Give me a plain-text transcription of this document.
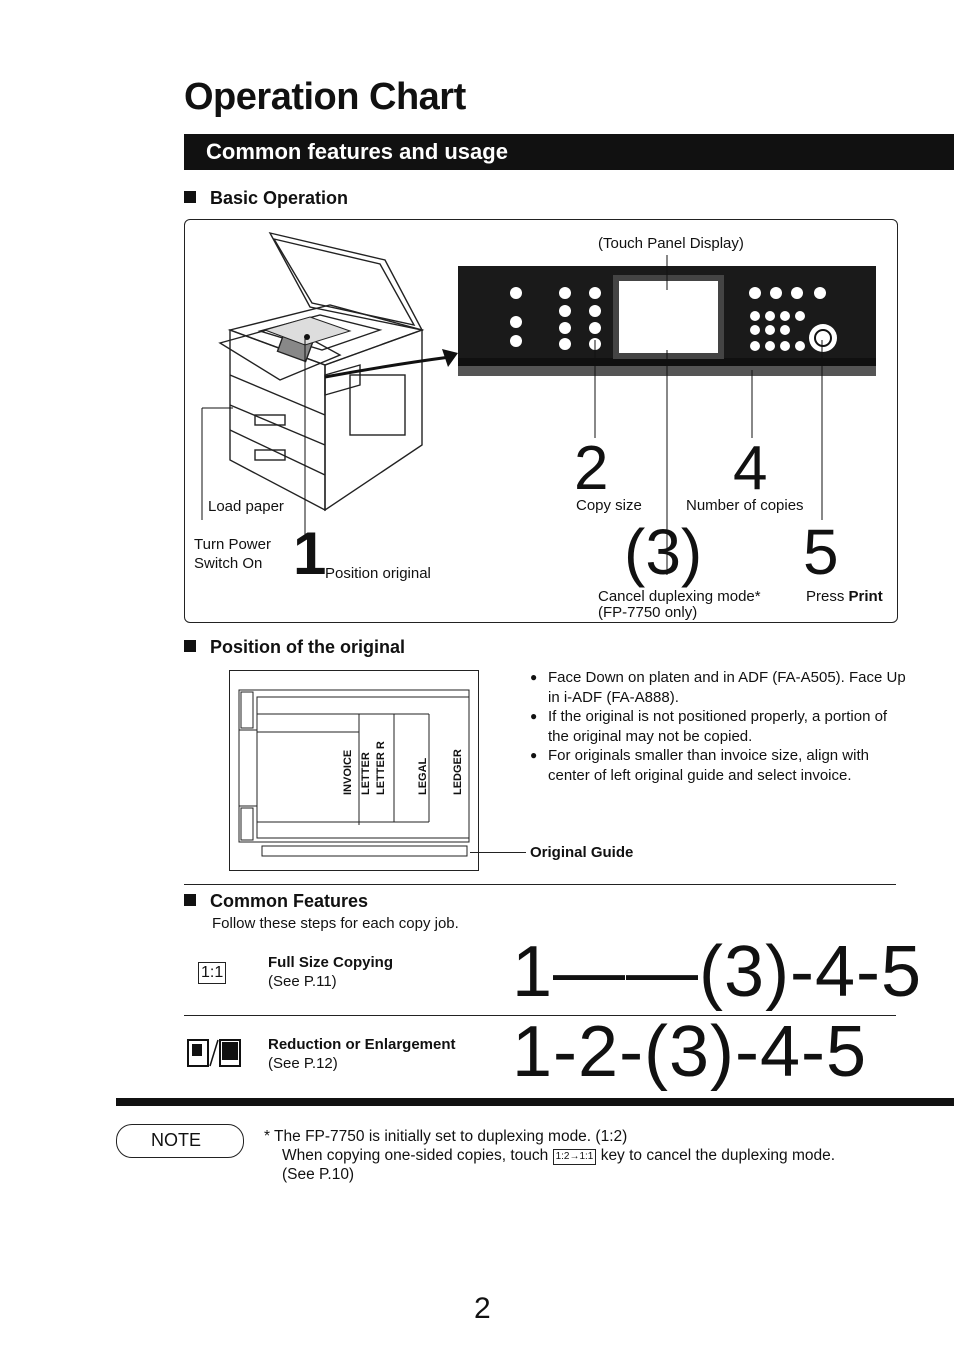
Operation Chart
Common features and usage
Basic Operation
(Touch Panel Display)
Load paper
Turn Power Switch On 1
Position original
2
Copy size
4
Number of copies
(3) 5
Cancel duplexing mode*
(FP-7750 only)
Press Print
Position of the original
INVOICE LETTER LETTER R	LEGAL LEDGER
Original Guide
● Face Down on platen and in ADF (FA-A505). Face Up in i-ADF (FA-A888).
● If the original is not positioned properly, a portion of the original may not be copied.
● For originals smaller than invoice size, align with center of left original guide and select invoice.
Common Features
Follow these steps for each copy job.
1:1
Full Size Copying
(See P.11) 1——(3)-4-5
Reduction or Enlargement
(See P.12) 1-2-(3)-4-5
NOTE	* The FP-7750 is initially set to duplexing mode. (1:2)
When copying one-sided copies, touch 1:2→1:1 key to cancel the duplexing mode.
(See P.10)
2
